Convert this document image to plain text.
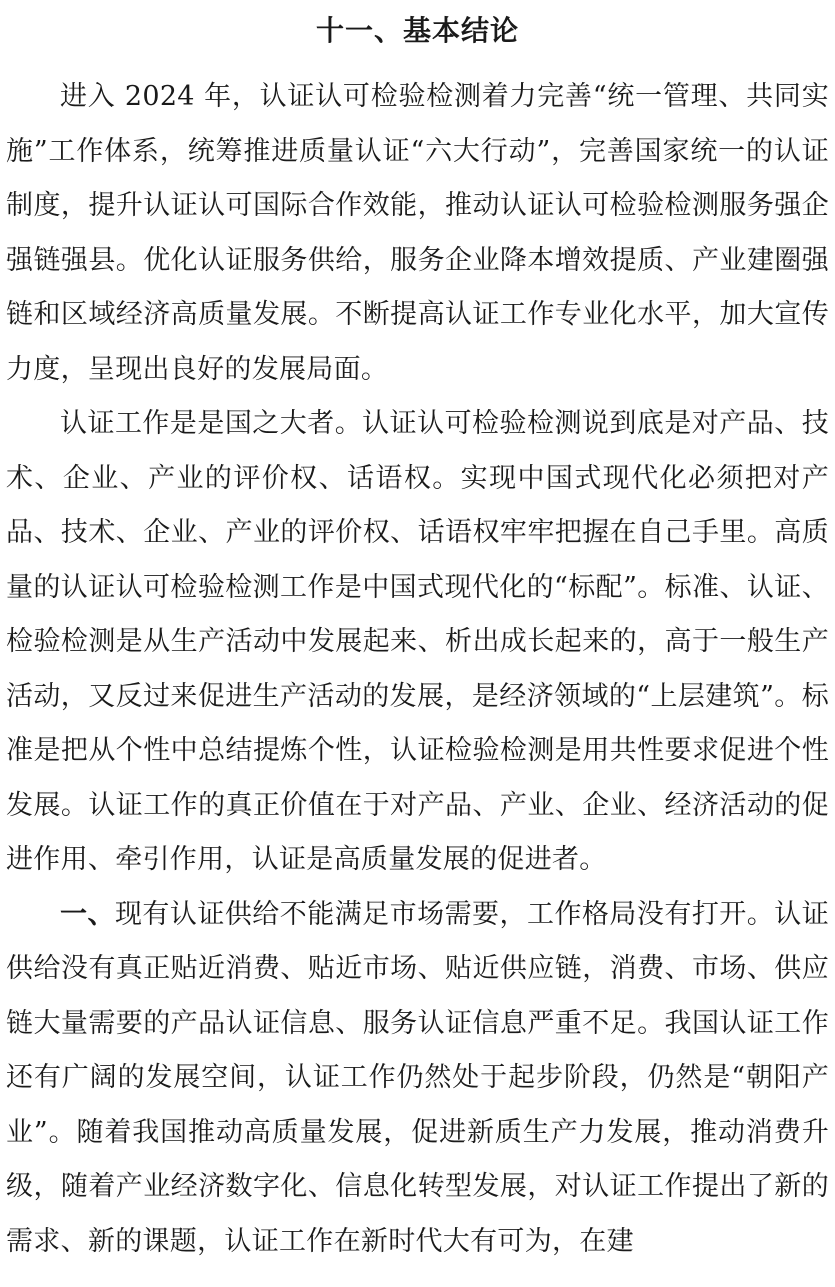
十一、基本结论

进入 2024 年，认证认可检验检测着力完善“统一管理、共同实施”工作体系，统筹推进质量认证“六大行动”，完善国家统一的认证制度，提升认证认可国际合作效能，推动认证认可检验检测服务强企强链强县。优化认证服务供给，服务企业降本增效提质、产业建圈强链和区域经济高质量发展。不断提高认证工作专业化水平，加大宣传力度，呈现出良好的发展局面。

认证工作是是国之大者。认证认可检验检测说到底是对产品、技术、企业、产业的评价权、话语权。实现中国式现代化必须把对产品、技术、企业、产业的评价权、话语权牢牢把握在自己手里。高质量的认证认可检验检测工作是中国式现代化的“标配”。标准、认证、检验检测是从生产活动中发展起来、析出成长起来的，高于一般生产活动，又反过来促进生产活动的发展，是经济领域的“上层建筑”。标准是把从个性中总结提炼个性，认证检验检测是用共性要求促进个性发展。认证工作的真正价值在于对产品、产业、企业、经济活动的促进作用、牵引作用，认证是高质量发展的促进者。

一、现有认证供给不能满足市场需要，工作格局没有打开。认证供给没有真正贴近消费、贴近市场、贴近供应链，消费、市场、供应链大量需要的产品认证信息、服务认证信息严重不足。我国认证工作还有广阔的发展空间，认证工作仍然处于起步阶段，仍然是“朝阳产业”。随着我国推动高质量发展，促进新质生产力发展，推动消费升级，随着产业经济数字化、信息化转型发展，对认证工作提出了新的需求、新的课题，认证工作在新时代大有可为，在建
